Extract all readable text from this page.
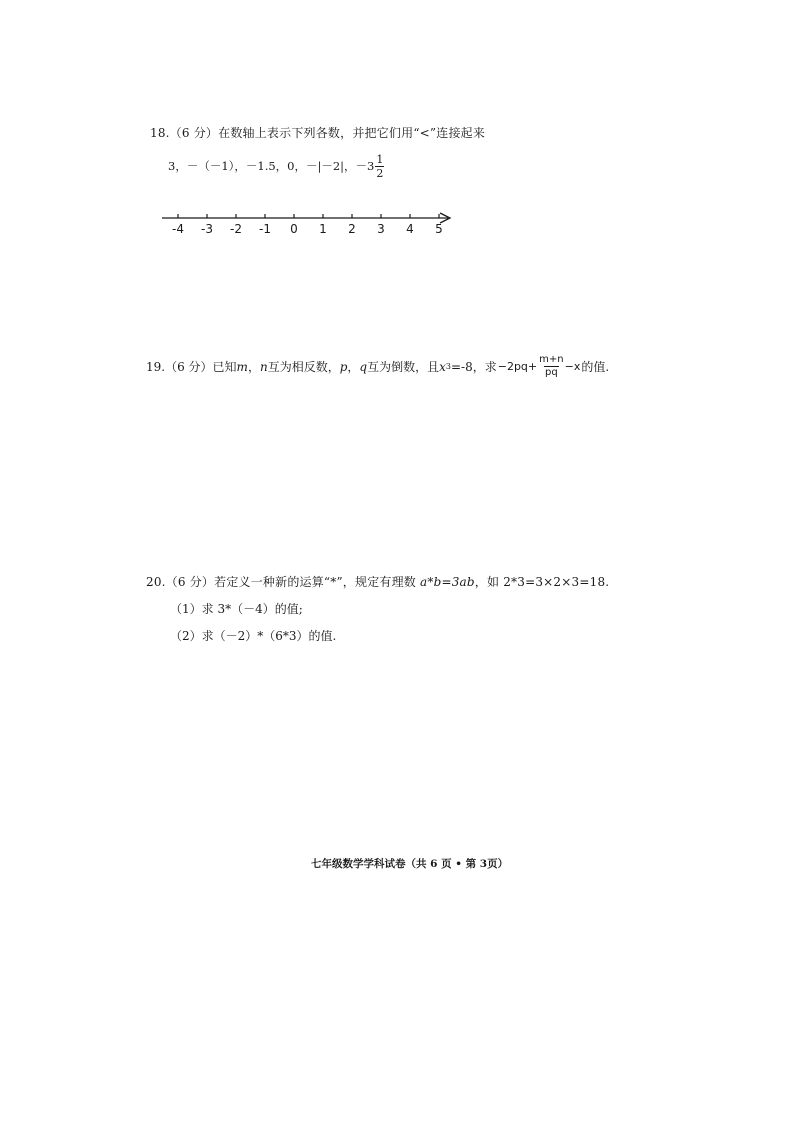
18.（6 分）在数轴上表示下列各数，并把它们用“<”连接起来
3，－（－1），－1.5，0，－|－2|，$-3 \frac{1}{2}$
-4 -3 -2 -1 0 1 2 3 4 5
19.（6 分）已知 m ， n 互为相反数， p ， q 互为倒数，且 x 3 =-8，求 $-2pq+ \frac{m+n}{pq} -x$ 的值.
20.（6 分）若定义一种新的运算“*”，规定有理数 a*b=3ab，如 2*3=3×2×3=18.
（1）求 3*（－4）的值;
（2）求（－2）*（6*3）的值.
七年级数学学科试卷（共 6 页 • 第 3页）
